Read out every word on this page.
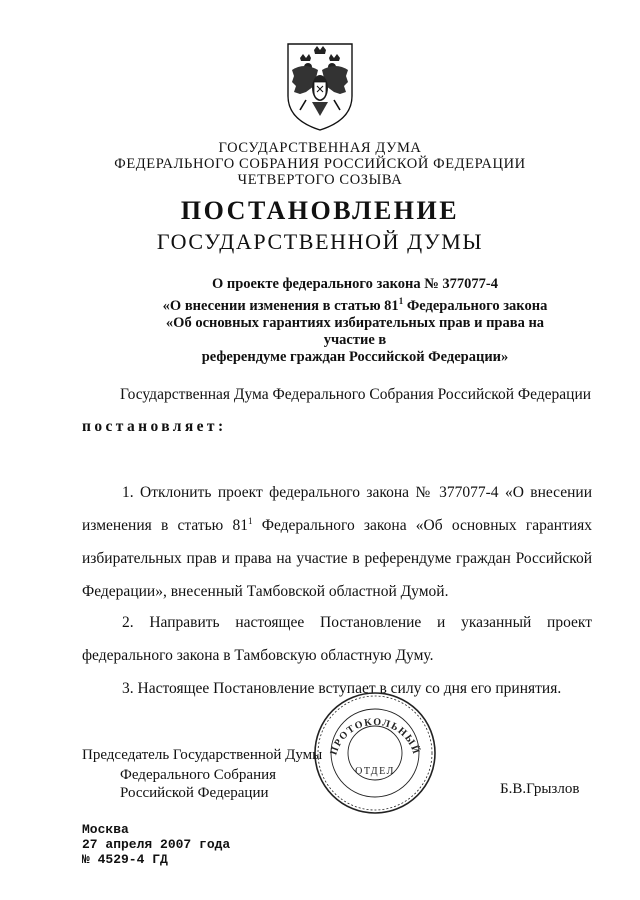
ГОСУДАРСТВЕННАЯ ДУМА
ФЕДЕРАЛЬНОГО СОБРАНИЯ РОССИЙСКОЙ ФЕДЕРАЦИИ
ЧЕТВЕРТОГО СОЗЫВА
ПОСТАНОВЛЕНИЕ
ГОСУДАРСТВЕННОЙ ДУМЫ
О проекте федерального закона № 377077-4
«О внесении изменения в статью $81^1$ Федерального закона
«Об основных гарантиях избирательных прав и права на участие в
референдуме граждан Российской Федерации»
Государственная Дума Федерального Собрания Российской Федерации
постановляет:
1. Отклонить проект федерального закона № 377077-4 «О внесении
изменения в статью $81^1$ Федерального закона «Об основных гарантиях
избирательных прав и права на участие в референдуме граждан Российской
Федерации», внесенный Тамбовской областной Думой.
2. Направить настоящее Постановление и указанный проект
федерального закона в Тамбовскую областную Думу.
3. Настоящее Постановление вступает в силу со дня его принятия.
Председатель Государственной Думы
Федерального Собрания
Российской Федерации	Б.В.Грызлов
ПРОТОКОЛЬНЫЙ
ОТДЕЛ
Москва
27 апреля 2007 года
№ 4529-4 ГД
